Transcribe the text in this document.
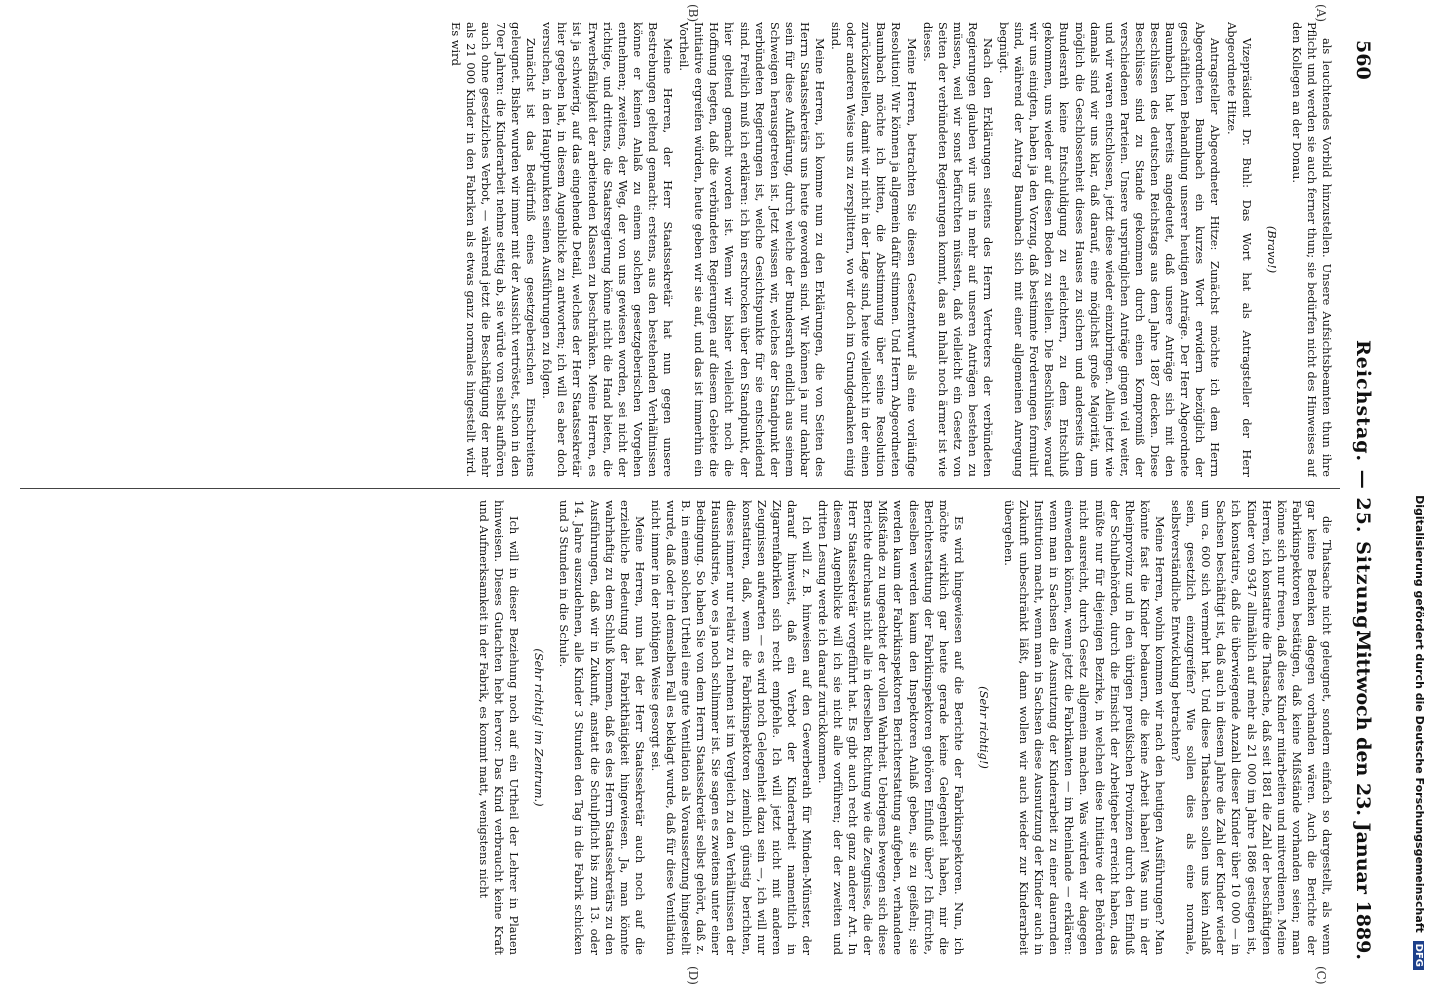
560
Reichstag. — 25. Sitzung.
Mittwoch den 23. Januar 1889.
(A)
(B)
(C)
(D)

als leuchtendes Vorbild hinzustellen. Unsere Aufsichtsbeamten thun ihre Pflicht und werden sie auch ferner thun; sie bedürfen nicht des Hinweises auf den Kollegen an der Donau.

(Bravo!)

Vizepräsident Dr. Buhl: Das Wort hat als Antragsteller der Herr Abgeordnete Hitze.

Antragsteller Abgeordneter Hitze: Zunächst möchte ich dem Herrn Abgeordneten Baumbach ein kurzes Wort erwidern bezüglich der geschäftlichen Behandlung unserer heutigen Anträge. Der Herr Abgeordnete Baumbach hat bereits angedeutet, daß unsere Anträge sich mit den Beschlüssen des deutschen Reichstags aus dem Jahre 1887 decken. Diese Beschlüsse sind zu Stande gekommen durch einen Kompromiß der verschiedenen Parteien. Unsere ursprünglichen Anträge gingen viel weiter, und wir waren entschlossen, jetzt diese wieder einzubringen. Allein jetzt wie damals sind wir uns klar, daß darauf, eine möglichst große Majorität, um möglich die Geschlossenheit dieses Hauses zu sichern und anderseits dem Bundesrath keine Entschuldigung zu erleichtern, zu dem Entschluß gekommen, uns wieder auf diesen Boden zu stellen. Die Beschlüsse, worauf wir uns einigten, haben ja den Vorzug, daß bestimmte Forderungen formulirt sind, während der Antrag Baumbach sich mit einer allgemeinen Anregung begnügt.

Nach den Erklärungen seitens des Herrn Vertreters der verbündeten Regierungen glauben wir uns in mehr auf unseren Anträgen bestehen zu müssen, weil wir sonst befürchten müssten, daß vielleicht ein Gesetz von Seiten der verbündeten Regierungen kommt, das an Inhalt noch ärmer ist wie dieses.

Meine Herren, betrachten Sie diesen Gesetzentwurf als eine vorläufige Resolution! Wir können ja allgemein dafür stimmen. Und Herrn Abgeordneten Baumbach möchte ich bitten, die Abstimmung über seine Resolution zurückzustellen, damit wir nicht in der Lage sind, heute vielleicht in der einen oder anderen Weise uns zu zersplittern, wo wir doch im Grundgedanken einig sind.

Meine Herren, ich komme nun zu den Erklärungen, die von Seiten des Herrn Staatssekretärs uns heute geworden sind. Wir können ja nur dankbar sein für diese Aufklärung, durch welche der Bundesrath endlich aus seinem Schweigen herausgetreten ist. Jetzt wissen wir, welches der Standpunkt der verbündeten Regierungen ist, welche Gesichtspunkte für sie entscheidend sind. Freilich muß ich erklären: ich bin erschrocken über den Standpunkt, der hier geltend gemacht worden ist. Wenn wir bisher vielleicht noch die Hoffnung hegten, daß die verbündeten Regierungen auf diesem Gebiete die Initiative ergreifen würden, heute geben wir sie auf, und das ist immerhin ein Vortheil.

Meine Herren, der Herr Staatssekretär hat nun gegen unsere Bestrebungen geltend gemacht: erstens, aus den bestehenden Verhältnissen könne er keinen Anlaß zu einem solchen gesetzgeberischen Vorgehen entnehmen; zweitens, der Weg, der von uns gewiesen worden, sei nicht der richtige, und drittens, die Staatsregierung könne nicht die Hand bieten, die Erwerbsfähigkeit der arbeitenden Klassen zu beschränken. Meine Herren, es ist ja schwierig, auf das eingehende Detail, welches der Herr Staatssekretär hier gegeben hat, in diesem Augenblicke zu antworten; ich will es aber doch versuchen, in den Hauptpunkten seinen Ausführungen zu folgen.

Zunächst ist das Bedürfniß eines gesetzgeberischen Einschreitens geleugnet. Bisher wurden wir immer mit der Aussicht vertröstet, schon in den 70er Jahren: die Kinderarbeit nehme stetig ab, sie würde von selbst aufhören auch ohne gesetzliches Verbot, — während jetzt die Beschäftigung der mehr als 21 000 Kinder in den Fabriken als etwas ganz normales hingestellt wird. Es wird

die Thatsache nicht geleugnet, sondern einfach so dargestellt, als wenn gar keine Bedenken dagegen vorhanden wären. Auch die Berichte der Fabrikinspektoren bestätigen, daß keine Mißstände vorhanden seien; man könne sich nur freuen, daß diese Kinder mitarbeiten und mitverdienen. Meine Herren, ich konstatire die Thatsache, daß seit 1881 die Zahl der beschäftigten Kinder von 9347 allmählich auf mehr als 21 000 im Jahre 1886 gestiegen ist, ich konstatire, daß die überwiegende Anzahl dieser Kinder über 10 000 — in Sachsen beschäftigt ist, daß auch in diesem Jahre die Zahl der Kinder wieder um ca. 600 sich vermehrt hat. Und diese Thatsachen sollen uns kein Anlaß sein, gesetzlich einzugreifen? Wie sollen dies als eine normale, selbstverständliche Entwicklung betrachten?

Meine Herren, wohin kommen wir nach den heutigen Ausführungen? Man könnte fast die Kinder bedauern, die keine Arbeit haben! Was nun in der Rheinprovinz und in den übrigen preußischen Provinzen durch den Einfluß der Schulbehörden, durch die Einsicht der Arbeitgeber erreicht haben, das müßte nur für diejenigen Bezirke, in welchen diese Initiative der Behörden nicht ausreicht, durch Gesetz allgemein machen. Was würden wir dagegen einwenden können, wenn jetzt die Fabrikanten — im Rheinlande — erklären: wenn man in Sachsen die Ausnutzung der Kinderarbeit zu einer dauernden Institution macht, wenn man in Sachsen diese Ausnutzung der Kinder auch in Zukunft unbeschränkt läßt, dann wollen wir auch wieder zur Kinderarbeit übergehen.

(Sehr richtig!)

Es wird hingewiesen auf die Berichte der Fabrikinspektoren. Nun, ich möchte wirklich gar heute gerade keine Gelegenheit haben, mir die Berichterstattung der Fabrikinspektoren gehören Einfluß über? Ich fürchte, dieselben werden kaum den Inspektoren Anlaß geben, sie zu geißeln; sie werden kaum der Fabrikinspektoren Berichterstattung aufgeben, verhandene Mißstände zu ungeachtet der vollen Wahrheit. Uebrigens bewegen sich diese Berichte durchaus nicht alle in derselben Richtung wie die Zeugnisse, die der Herr Staatssekretär vorgeführt hat. Es gibt auch recht ganz anderer Art. In diesem Augenblicke will ich sie nicht alle vorführen; der der zweiten und dritten Lesung werde ich darauf zurückkommen.

Ich will z. B. hinweisen auf den Gewerberath für Minden-Münster, der darauf hinweist, daß ein Verbot der Kinderarbeit namentlich in Zigarrenfabriken sich recht empfehle. Ich will jetzt nicht mit anderen Zeugnissen aufwarten — es wird noch Gelegenheit dazu sein —, ich will nur konstatiren, daß, wenn die Fabrikinspektoren ziemlich günstig berichten, dieses immer nur relativ zu nehmen ist im Vergleich zu den Verhältnissen der Hausindustrie, wo es ja noch schlimmer ist. Sie sagen es zweitens unter einer Bedingung. So haben Sie von dem Herrn Staatssekretär selbst gehört, daß z. B. in einem solchen Urtheil eine gute Ventilation als Voraussetzung hingestellt wurde, daß oder in demselben Fall es beklagt wurde, daß für diese Ventilation nicht immer in der nöthigen Weise gesorgt sei.

Meine Herren, nun hat der Herr Staatssekretär auch noch auf die erziehliche Bedeutung der Fabrikthätigkeit hingewiesen. Ja, man könnte wahrhaftig zu dem Schluß kommen, daß es des Herrn Staatssekretärs zu den Ausführungen, daß wir in Zukunft, anstatt die Schulpflicht bis zum 13. oder 14. Jahre auszudehnen, alle Kinder 3 Stunden den Tag in die Fabrik schicken und 3 Stunden in die Schule.

(Sehr richtig! im Zentrum.)

Ich will in dieser Beziehung noch auf ein Urtheil der Lehrer in Plauen hinweisen. Dieses Gutachten hebt hervor: Das Kind verbraucht keine Kraft und Aufmerksamkeit in der Fabrik, es kommt matt, wenigstens nicht	Digitalisierung gefördert durch die Deutsche Forschungsgemeinschaft DFG
